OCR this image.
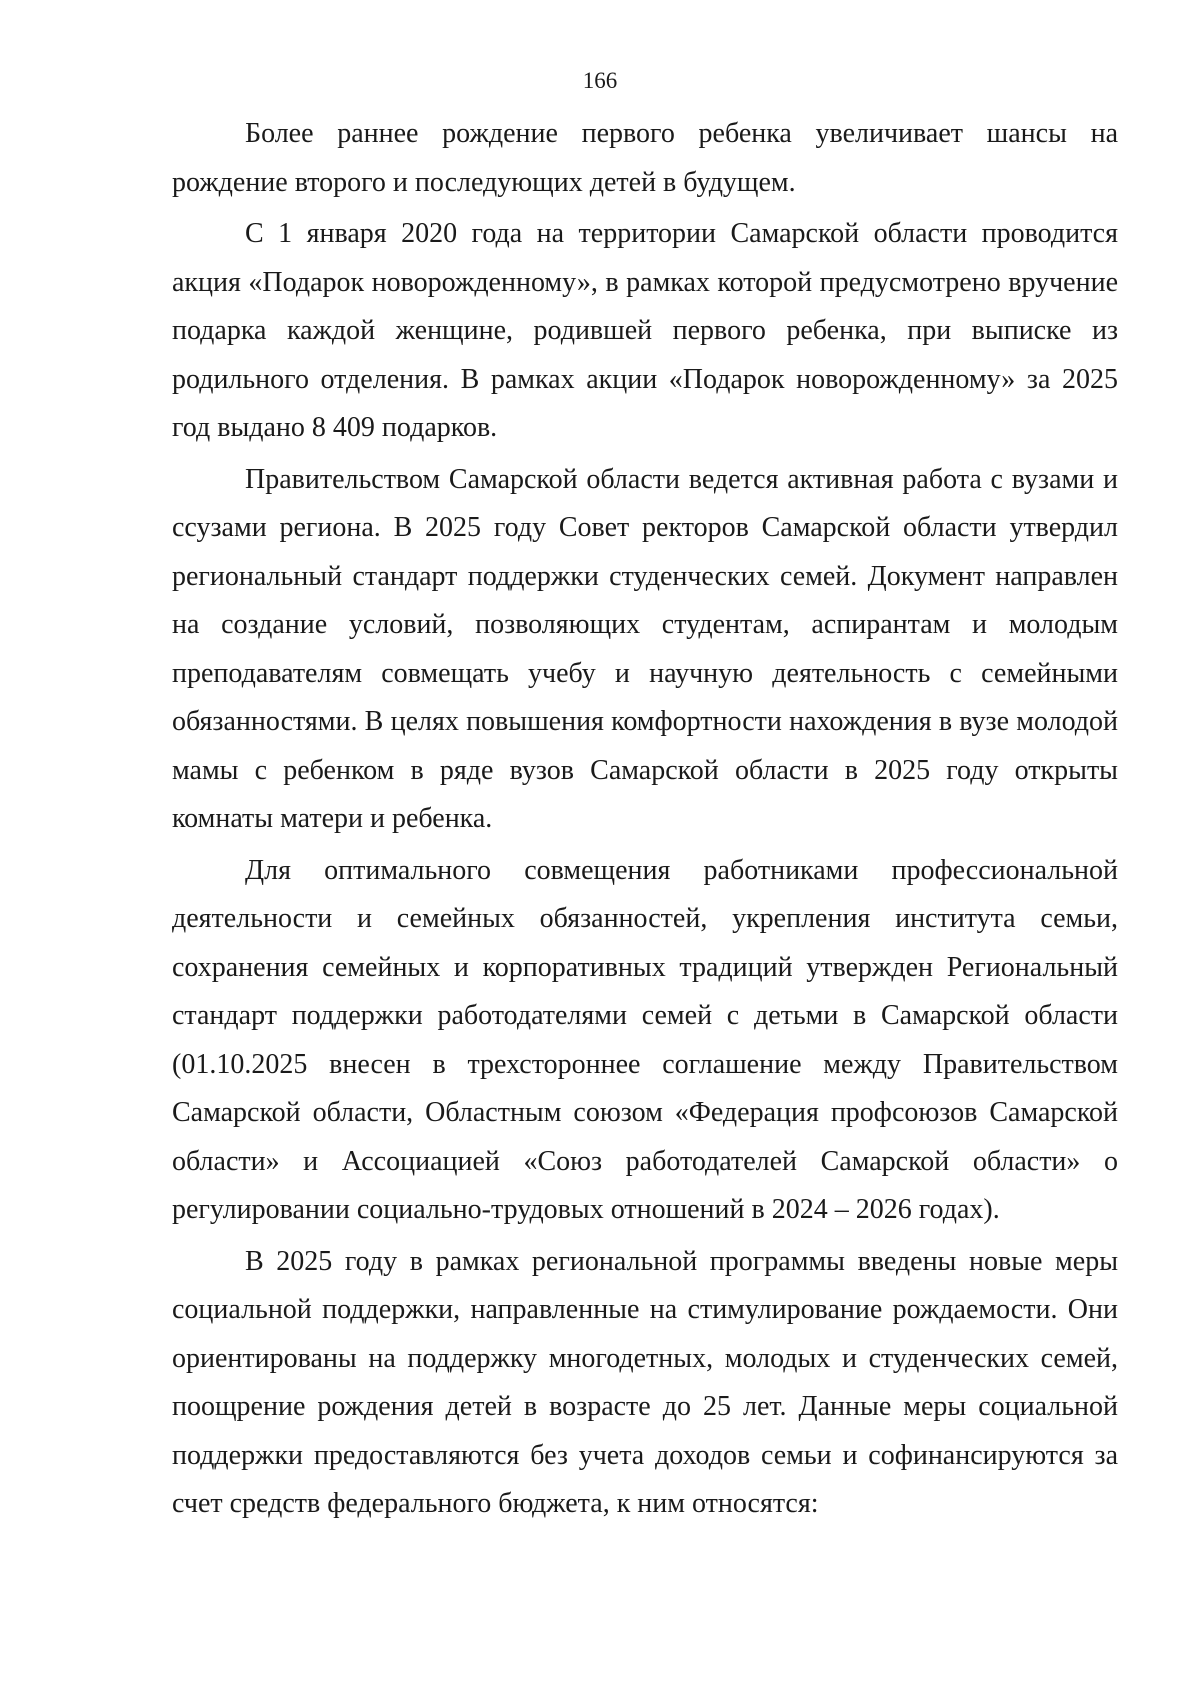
166

Более раннее рождение первого ребенка увеличивает шансы на рождение второго и последующих детей в будущем.

С 1 января 2020 года на территории Самарской области проводится акция «Подарок новорожденному», в рамках которой предусмотрено вручение подарка каждой женщине, родившей первого ребенка, при выписке из родильного отделения. В рамках акции «Подарок новорожденному» за 2025 год выдано 8 409 подарков.

Правительством Самарской области ведется активная работа с вузами и ссузами региона. В 2025 году Совет ректоров Самарской области утвердил региональный стандарт поддержки студенческих семей. Документ направлен на создание условий, позволяющих студентам, аспирантам и молодым преподавателям совмещать учебу и научную деятельность с семейными обязанностями. В целях повышения комфортности нахождения в вузе молодой мамы с ребенком в ряде вузов Самарской области в 2025 году открыты комнаты матери и ребенка.

Для оптимального совмещения работниками профессиональной деятельности и семейных обязанностей, укрепления института семьи, сохранения семейных и корпоративных традиций утвержден Региональный стандарт поддержки работодателями семей с детьми в Самарской области (01.10.2025 внесен в трехстороннее соглашение между Правительством Самарской области, Областным союзом «Федерация профсоюзов Самарской области» и Ассоциацией «Союз работодателей Самарской области» о регулировании социально-трудовых отношений в 2024 – 2026 годах).

В 2025 году в рамках региональной программы введены новые меры социальной поддержки, направленные на стимулирование рождаемости. Они ориентированы на поддержку многодетных, молодых и студенческих семей, поощрение рождения детей в возрасте до 25 лет. Данные меры социальной поддержки предоставляются без учета доходов семьи и софинансируются за счет средств федерального бюджета, к ним относятся:
